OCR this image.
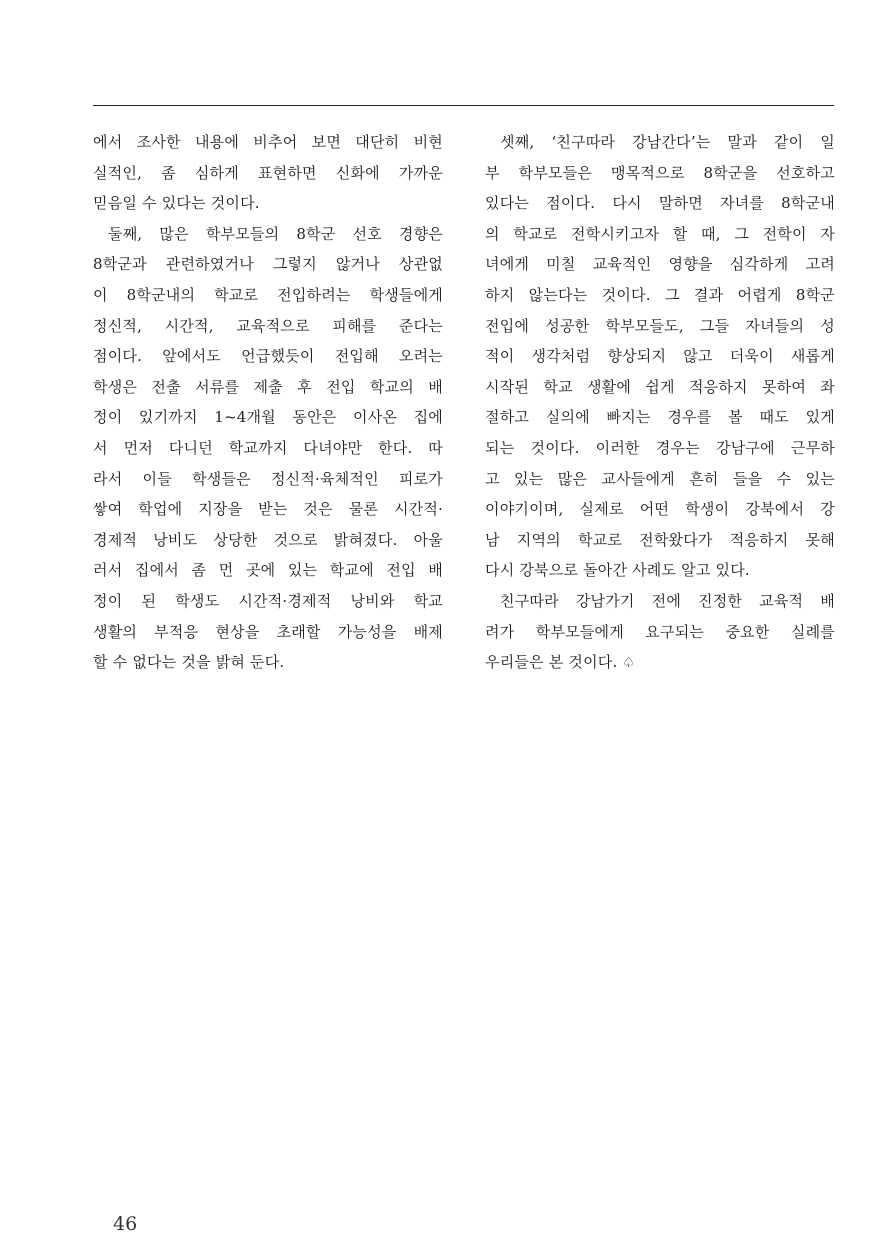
에서 조사한 내용에 비추어 보면 대단히 비현
실적인, 좀 심하게 표현하면 신화에 가까운
믿음일 수 있다는 것이다.
둘째, 많은 학부모들의 8학군 선호 경향은
8학군과 관련하였거나 그렇지 않거나 상관없
이 8학군내의 학교로 전입하려는 학생들에게
정신적, 시간적, 교육적으로 피해를 준다는
점이다. 앞에서도 언급했듯이 전입해 오려는
학생은 전출 서류를 제출 후 전입 학교의 배
정이 있기까지 1~4개월 동안은 이사온 집에
서 먼저 다니던 학교까지 다녀야만 한다. 따
라서 이들 학생들은 정신적·육체적인 피로가
쌓여 학업에 지장을 받는 것은 물론 시간적·
경제적 낭비도 상당한 것으로 밝혀졌다. 아울
러서 집에서 좀 먼 곳에 있는 학교에 전입 배
정이 된 학생도 시간적·경제적 낭비와 학교
생활의 부적응 현상을 초래할 가능성을 배제
할 수 없다는 것을 밝혀 둔다.
셋째, ‘친구따라 강남간다’는 말과 같이 일
부 학부모들은 맹목적으로 8학군을 선호하고
있다는 점이다. 다시 말하면 자녀를 8학군내
의 학교로 전학시키고자 할 때, 그 전학이 자
녀에게 미칠 교육적인 영향을 심각하게 고려
하지 않는다는 것이다. 그 결과 어렵게 8학군
전입에 성공한 학부모들도, 그들 자녀들의 성
적이 생각처럼 향상되지 않고 더욱이 새롭게
시작된 학교 생활에 쉽게 적응하지 못하여 좌
절하고 실의에 빠지는 경우를 볼 때도 있게
되는 것이다. 이러한 경우는 강남구에 근무하
고 있는 많은 교사들에게 흔히 들을 수 있는
이야기이며, 실제로 어떤 학생이 강북에서 강
남 지역의 학교로 전학왔다가 적응하지 못해
다시 강북으로 돌아간 사례도 알고 있다.
친구따라 강남가기 전에 진정한 교육적 배
려가 학부모들에게 요구되는 중요한 실례를
우리들은 본 것이다. ♤
46
